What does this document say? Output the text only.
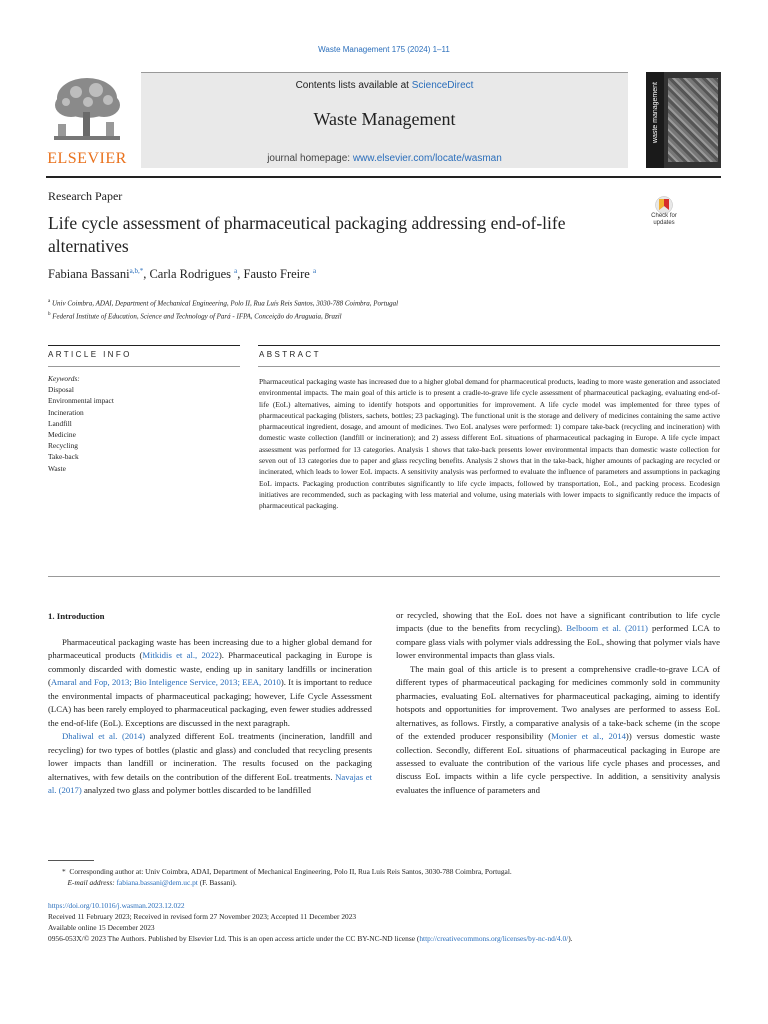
Waste Management 175 (2024) 1–11
ELSEVIER
Contents lists available at ScienceDirect
Waste Management
journal homepage: www.elsevier.com/locate/wasman
waste management
Research Paper
Life cycle assessment of pharmaceutical packaging addressing end-of-life alternatives
Check for updates
Fabiana Bassani$^{a,b,*}$, Carla Rodrigues $^a$, Fausto Freire $^a$
$^a$ Univ Coimbra, ADAI, Department of Mechanical Engineering, Polo II, Rua Luís Reis Santos, 3030-788 Coimbra, Portugal
$^b$ Federal Institute of Education, Science and Technology of Pará - IFPA, Conceição do Araguaia, Brazil
ARTICLE INFO	ABSTRACT
Keywords:
Disposal
Environmental impact
Incineration
Landfill
Medicine
Recycling
Take-back
Waste
Pharmaceutical packaging waste has increased due to a higher global demand for pharmaceutical products, leading to more waste generation and associated environmental impacts. The main goal of this article is to present a cradle-to-grave life cycle assessment of pharmaceutical packaging, evaluating end-of-life (EoL) alternatives, aiming to identify hotspots and opportunities for improvement. A life cycle model was implemented for three types of pharmaceutical packaging (blisters, sachets, bottles; 23 packaging). The functional unit is the storage and delivery of medicines containing the same active pharmaceutical ingredient, dosage, and amount of medicines. Two EoL analyses were performed: 1) compare take-back (recycling and incineration) with domestic waste collection (landfill or incineration); and 2) assess different EoL situations of pharmaceutical packaging in Europe. A life cycle impact assessment was performed for 13 categories. Analysis 1 shows that take-back presents lower environmental impacts than domestic waste collection for seven out of 13 categories due to paper and glass recycling benefits. Analysis 2 shows that in the take-back, higher amounts of packaging are recycled or incinerated, which leads to lower EoL impacts. A sensitivity analysis was performed to evaluate the influence of parameters and assumptions in packaging EoL impacts. Packaging production contributes significantly to life cycle impacts, followed by transportation, EoL, and packing process. Ecodesign initiatives are recommended, such as packaging with less material and volume, using materials with lower impacts to significantly reduce the impacts of pharmaceutical packaging.
1. Introduction

Pharmaceutical packaging waste has been increasing due to a higher global demand for pharmaceutical products (Mitkidis et al., 2022). Pharmaceutical packaging in Europe is commonly discarded with domestic waste, ending up in sanitary landfills or incineration (Amaral and Fop, 2013; Bio Inteligence Service, 2013; EEA, 2010). It is important to reduce the environmental impacts of pharmaceutical packaging; however, Life Cycle Assessment (LCA) has been rarely employed to pharmaceutical packaging, even fewer studies addressed the end-of-life (EoL). Exceptions are discussed in the next paragraph.

Dhaliwal et al. (2014) analyzed different EoL treatments (incineration, landfill and recycling) for two types of bottles (plastic and glass) and concluded that recycling presents lower impacts than landfill or incineration. The results focused on the packaging alternatives, with few details on the contribution of the different EoL treatments. Navajas et al. (2017) analyzed two glass and polymer bottles discarded to be landfilled

or recycled, showing that the EoL does not have a significant contribution to life cycle impacts (due to the benefits from recycling). Belboom et al. (2011) performed LCA to compare glass vials with polymer vials addressing the EoL, showing that polymer vials have lower environmental impacts than glass vials.

The main goal of this article is to present a comprehensive cradle-to-grave LCA of different types of pharmaceutical packaging for medicines commonly sold in community pharmacies, evaluating EoL alternatives for pharmaceutical packaging, aiming to identify hotspots and opportunities for improvement. Two analyses are performed to assess EoL alternatives, as follows. Firstly, a comparative analysis of a take-back scheme (in the scope of the extended producer responsibility (Monier et al., 2014)) versus domestic waste collection. Secondly, different EoL situations of pharmaceutical packaging in Europe are assessed to evaluate the contribution of the various life cycle phases and processes, and discuss EoL impacts within a life cycle perspective. In addition, a sensitivity analysis evaluates the influence of parameters and

* Corresponding author at: Univ Coimbra, ADAI, Department of Mechanical Engineering, Polo II, Rua Luís Reis Santos, 3030-788 Coimbra, Portugal.
E-mail address: fabiana.bassani@dem.uc.pt (F. Bassani).
https://doi.org/10.1016/j.wasman.2023.12.022
Received 11 February 2023; Received in revised form 27 November 2023; Accepted 11 December 2023
Available online 15 December 2023
0956-053X/© 2023 The Authors. Published by Elsevier Ltd. This is an open access article under the CC BY-NC-ND license (http://creativecommons.org/licenses/by-nc-nd/4.0/).
